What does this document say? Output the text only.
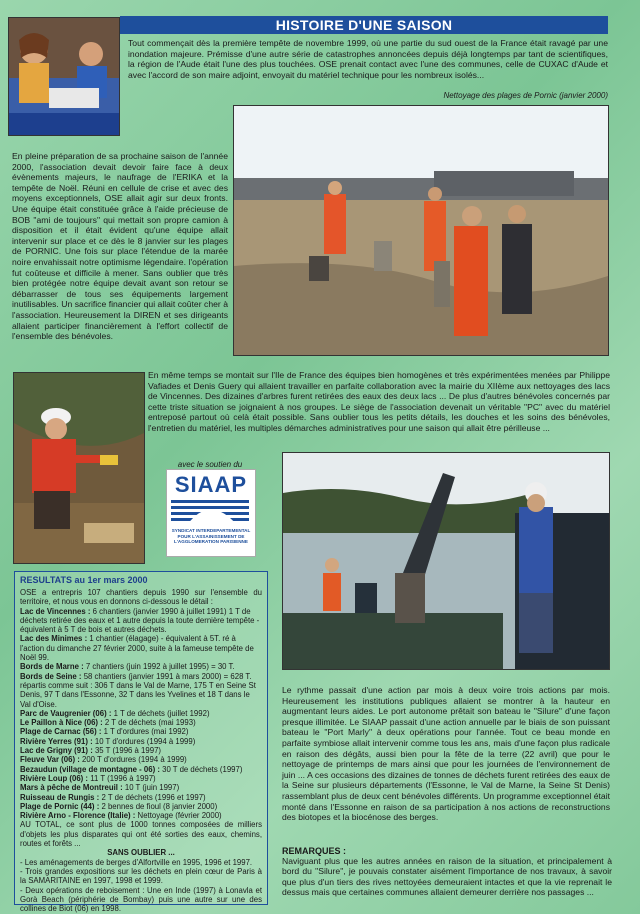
HISTOIRE D'UNE SAISON
Tout commençait dès la première tempête de novembre 1999, où une partie du sud ouest de la France était ravagé par une inondation majeure. Prémisse d'une autre série de catastrophes annoncées depuis déjà longtemps par tant de scientifiques, la région de l'Aude était l'une des plus touchées. OSE prenait contact avec l'une des communes, celle de CUXAC d'Aude et avec l'accord de son maire adjoint, envoyait du matériel technique pour les nombreux isolés...
Nettoyage des plages de Pornic (janvier 2000)
En pleine préparation de sa prochaine saison de l'année 2000, l'association devait devoir faire face à deux évènements majeurs, le naufrage de l'ERIKA et la tempête de Noël. Réuni en cellule de crise et avec des moyens exceptionnels, OSE allait agir sur deux fronts. Une équipe était constituée grâce à l'aide précieuse de BOB "ami de toujours" qui mettait son propre camion à disposition et il était évident qu'une équipe allait intervenir sur place et ce dès le 8 janvier sur les plages de PORNIC. Une fois sur place l'étendue de la marée noire envahissait notre optimisme légendaire. l'opération fut coûteuse et difficile à mener. Sans oublier que très bien protégée notre équipe devait avant son retour se débarrasser de tous ses équipements largement inutilisables. Un sacrifice financier qui allait coûter cher à l'association. Heureusement la DIREN et ses dirigeants allaient participer financièrement à l'effort collectif de l'ensemble des bénévoles.
En même temps se montait sur l'Ile de France des équipes bien homogènes et très expérimentées menées par Philippe Vafiades et Denis Guery qui allaient travailler en parfaite collaboration avec la mairie du XIIème aux nettoyages des lacs de Vincennes. Des dizaines d'arbres furent retirées des eaux des deux lacs ... De plus d'autres bénévoles concernés par cette triste situation se joignaient à nos groupes. Le siège de l'association devenait un véritable "PC" avec du matériel entreposé partout où celà était possible. Sans oublier tous les petits détails, les douches et les soins des bénévoles, l'entretien du matériel, les multiples démarches administratives pour une saison qui allait être périlleuse ...
avec le soutien du
SIAAP
SYNDICAT INTERDEPARTEMENTAL POUR L'ASSAINISSEMENT DE L'AGGLOMERATION PARISIENNE
RESULTATS au 1er mars 2000

OSE a entrepris 107 chantiers depuis 1990 sur l'ensemble du territoire, et nous vous en donnons ci-dessous le détail :

Lac de Vincennes : 6 chantiers (janvier 1990 à juillet 1991) 1 T de déchets retirée des eaux et 1 autre depuis la toute dernière tempête - équivalent à 5 T de bois et autres déchets.
Lac des Minimes : 1 chantier (élagage) - équivalent à 5T. ré à l'action du dimanche 27 février 2000, suite à la fameuse tempête de Noël 99.
Bords de Marne : 7 chantiers (juin 1992 à juillet 1995) = 30 T.
Bords de Seine : 58 chantiers (janvier 1991 à mars 2000) = 628 T. répartis comme suit : 306 T dans le Val de Marne, 175 T en Seine St Denis, 97 T dans l'Essonne, 32 T dans les Yvelines et 18 T dans le Val d'Oise.
Parc de Vaugrenier (06) : 1 T de déchets (juillet 1992)
Le Paillon à Nice (06) : 2 T de déchets (mai 1993)
Plage de Carnac (56) : 1 T d'ordures (mai 1992)
Rivière Yerres (91) : 10 T d'ordures (1994 à 1999)
Lac de Grigny (91) : 35 T (1996 à 1997)
Fleuve Var (06) : 200 T d'ordures (1994 à 1999)
Bezaudun (village de montagne - 06) : 30 T de déchets (1997)
Rivière Loup (06) : 11 T (1996 à 1997)
Mars à pêche de Montreuil : 10 T (juin 1997)
Ruisseau de Rungis : 2 T de déchets (1996 et 1997)
Plage de Pornic (44) : 2 bennes de fioul (8 janvier 2000)
Rivière Arno - Florence (Italie) : Nettoyage (février 2000)

AU TOTAL, ce sont plus de 1000 tonnes composées de milliers d'objets les plus disparates qui ont été sorties des eaux, chemins, routes et forêts ...

SANS OUBLIER ...

- Les aménagements de berges d'Alfortville en 1995, 1996 et 1997.

- Trois grandes expositions sur les déchets en plein cœur de Paris à la SAMARITAINE en 1997, 1998 et 1999.

- Deux opérations de reboisement : Une en Inde (1997) à Lonavla et Gorà Beach (périphérie de Bombay) puis une autre sur une des collines de Biot (06) en 1998.

Le rythme passait d'une action par mois à deux voire trois actions par mois. Heureusement les institutions publiques allaient se montrer à la hauteur en augmentant leurs aides. Le port autonome prêtait son bateau le "Silure" d'une façon presque illimitée. Le SIAAP passait d'une action annuelle par le biais de son puissant bateau le "Port Marly" à deux opérations pour l'année. Tout ce beau monde en parfaite symbiose allait intervenir comme tous les ans, mais d'une façon plus radicale en raison des dégâts, aussi bien pour la fête de la terre (22 avril) que pour le nettoyage de printemps de mars ainsi que pour les journées de l'environnement de juin ... A ces occasions des dizaines de tonnes de déchets furent retirées des eaux de la Seine sur plusieurs départements (l'Essonne, le Val de Marne, la Seine St Denis) rassemblant plus de deux cent bénévoles différents. Un programme exceptionnel était monté dans l'Essonne en raison de sa participation à nos actions de reconstructions des biotopes et la biocénose des berges.
REMARQUES :

Naviguant plus que les autres années en raison de la situation, et principalement à bord du "Silure", je pouvais constater aisément l'importance de nos travaux, à savoir que plus d'un tiers des rives nettoyées demeuraient intactes et que la vie reprenait le dessus mais que certaines communes allaient demeurer derrière nos passages ...
